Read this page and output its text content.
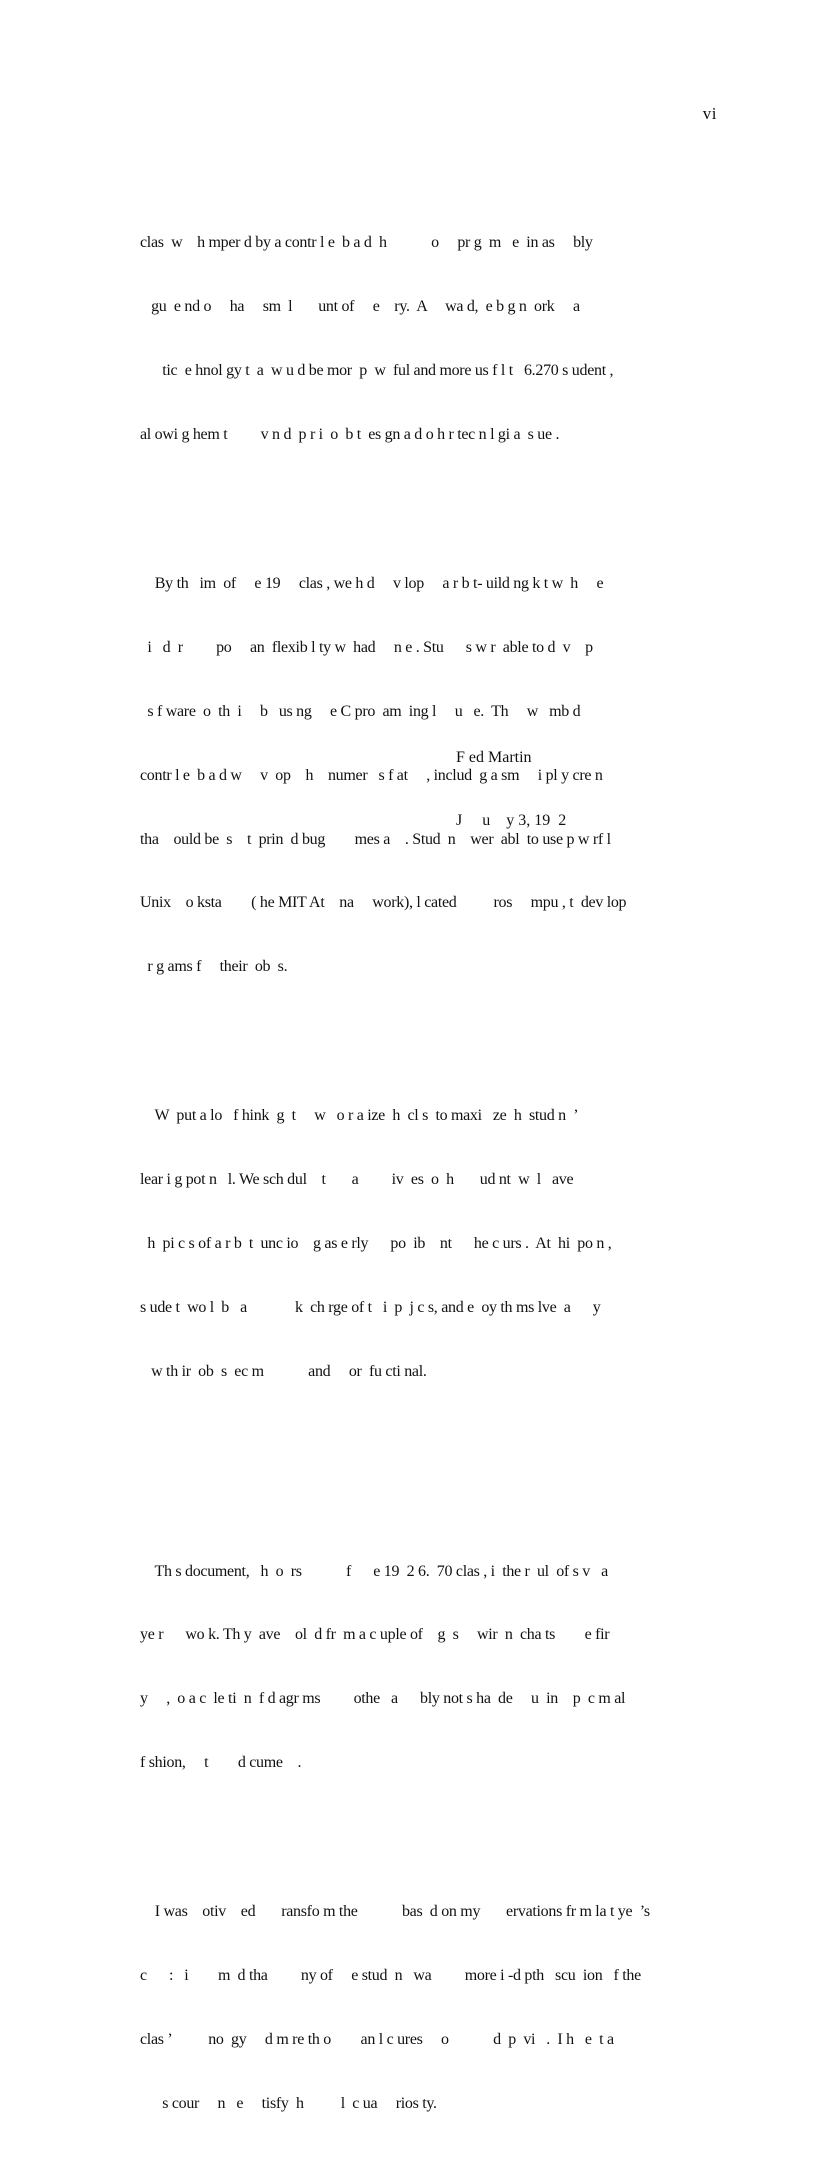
vi

clas  w    h mper d by a contr l e  b a d  h            o     pr g  m   e  in as     bly

gu  e nd o     ha     sm  l       unt of     e    ry.  A     wa d,  e b g n  ork     a

tic  e hnol gy t  a  w u d be mor  p  w  ful and more us f l t   6.270 s udent ,

al owi g hem t         v n d  p r i  o  b t  es gn a d o h r tec n l gi a  s ue .

By th   im  of     e 19     clas , we h d     v lop     a r b t- uild ng k t w  h     e

i   d  r         po     an  flexib l ty w  had     n e . Stu      s w r  able to d  v    p

s f ware  o  th  i     b   us ng     e C pro  am  ing l     u   e.  Th     w   mb d

contr l e  b a d w     v  op    h    numer   s f at     , includ  g a sm     i pl y cre n

tha    ould be  s    t  prin  d bug        mes a    . Stud  n    wer  abl  to use p w rf l

Unix    o ksta        ( he MIT At    na     work), l cated          ros     mpu , t  dev lop

r g ams f     their  ob  s.

W  put a lo   f hink  g  t     w   o r a ize  h  cl s  to maxi   ze  h  stud n  ’

lear i g pot n   l. We sch dul    t       a         iv  es  o  h       ud nt  w  l   ave

h  pi c s of a r b  t  unc io    g as e rly      po  ib    nt      he c urs .  At  hi  po n ,

s ude t  wo l  b   a             k  ch rge of t   i  p  j c s, and e  oy th ms lve  a      y

w th ir  ob  s  ec m            and     or  fu cti nal.

Th s document,   h  o  rs            f      e 19  2 6.  70 clas , i  the r  ul  of s v   a

ye r      wo k. Th y  ave    ol  d fr  m a c uple of    g  s     wir  n  cha ts        e fir

y     ,  o a c  le ti  n  f d agr ms         othe   a      bly not s ha  de     u  in    p  c m al

f shion,     t        d cume    .

I was    otiv    ed       ransfo m the            bas  d on my       ervations fr m la t ye  ’s

c      :   i        m  d tha         ny of     e stud  n   wa         more i -d pth   scu  ion   f the

clas ’          no  gy     d m re th o        an l c ures     o            d  p  vi   .  I h   e  t a

s cour     n   e     tisfy  h          l  c ua     rios ty.

F ed Martin

J     u    y 3, 19  2
